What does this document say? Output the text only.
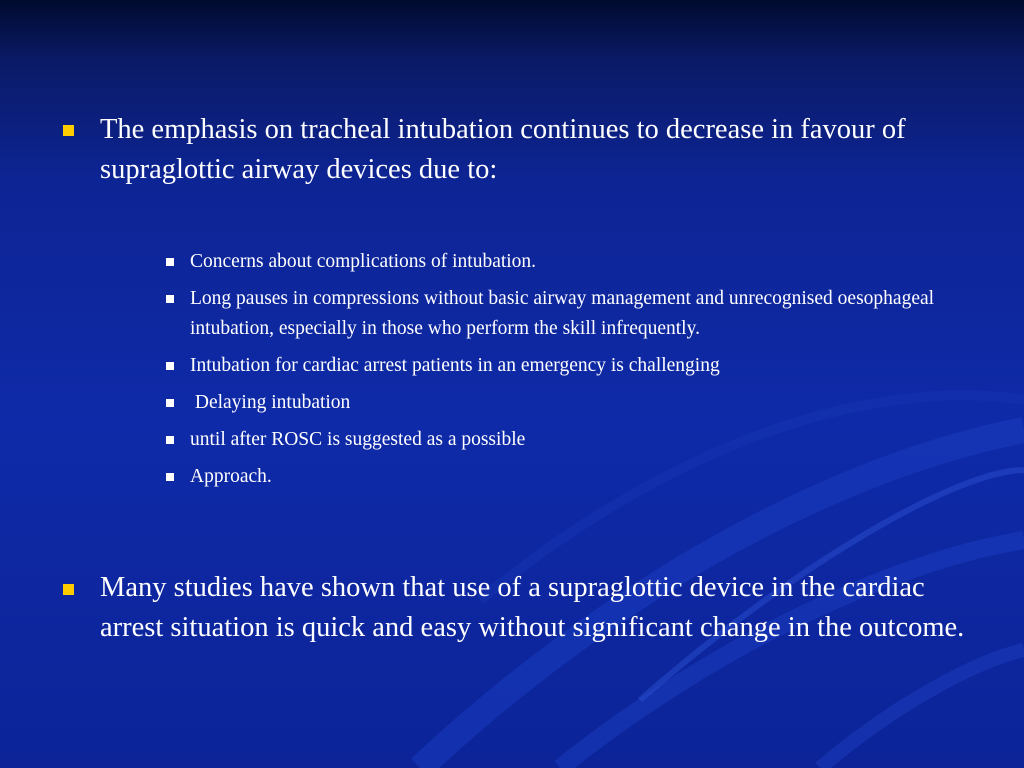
The emphasis on tracheal intubation continues to decrease in favour of supraglottic airway devices due to:

Concerns about complications of intubation.
Long pauses in compressions without basic airway management and unrecognised oesophageal intubation, especially in those who perform the skill infrequently.
Intubation for cardiac arrest patients in an emergency is challenging
Delaying intubation
until after ROSC is suggested as a possible
Approach.

Many studies have shown that use of a supraglottic device in the cardiac arrest situation is quick and easy without significant change in the outcome.
